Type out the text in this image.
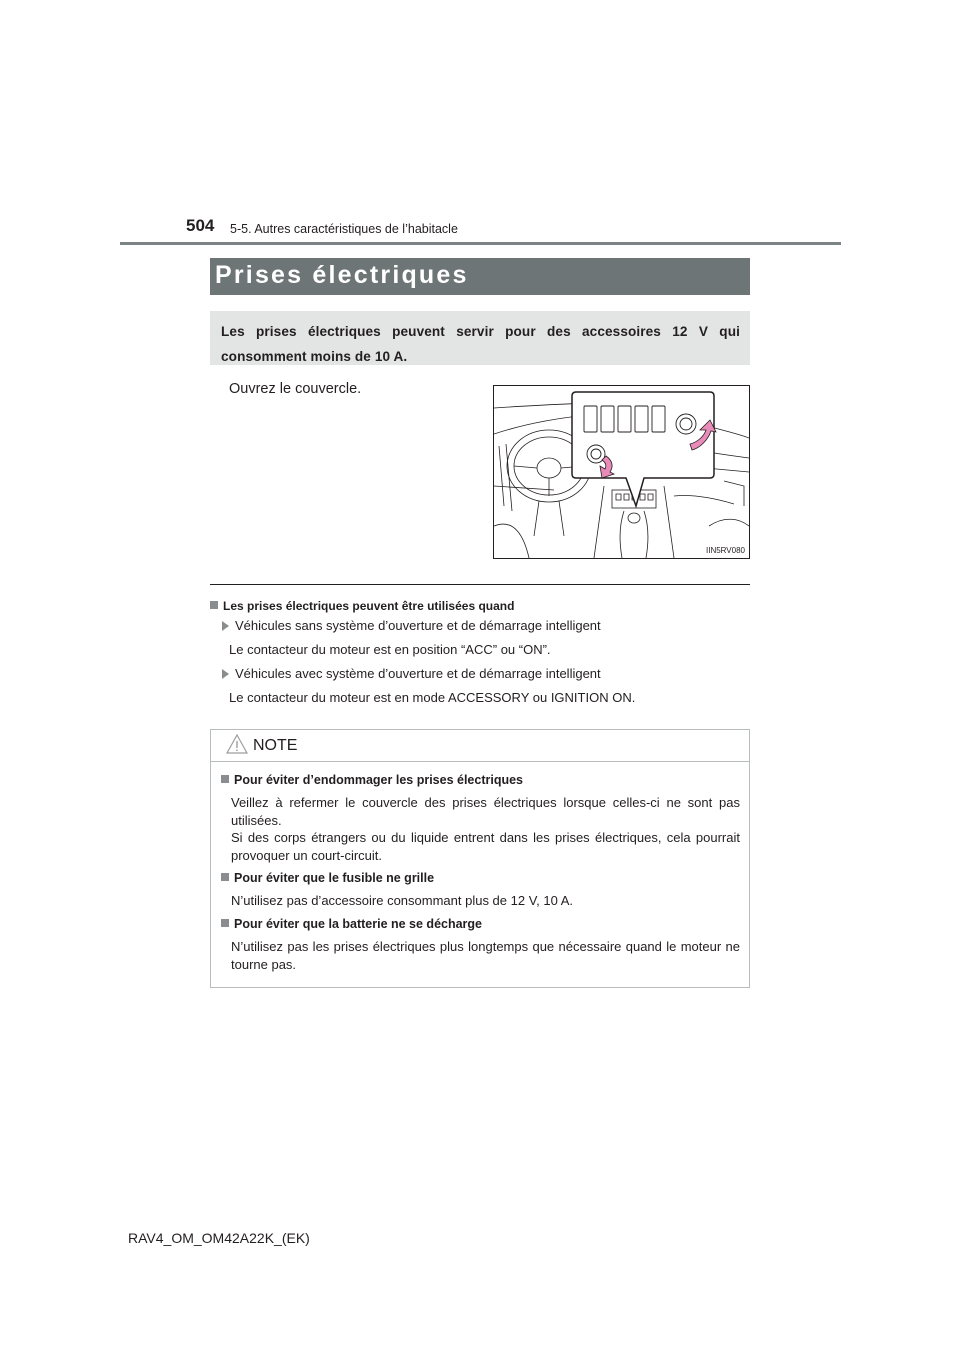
504 5-5. Autres caractéristiques de l’habitacle
Prises électriques
Les prises électriques peuvent servir pour des accessoires 12 V qui consomment moins de 10 A.
Ouvrez le couvercle.
IIN5RV080
Les prises électriques peuvent être utilisées quand
Véhicules sans système d’ouverture et de démarrage intelligent
Le contacteur du moteur est en position “ACC” ou “ON”.
Véhicules avec système d’ouverture et de démarrage intelligent
Le contacteur du moteur est en mode ACCESSORY ou IGNITION ON.
NOTE
Pour éviter d’endommager les prises électriques
Veillez à refermer le couvercle des prises électriques lorsque celles-ci ne sont pas utilisées.
Si des corps étrangers ou du liquide entrent dans les prises électriques, cela pourrait provoquer un court-circuit.
Pour éviter que le fusible ne grille
N’utilisez pas d’accessoire consommant plus de 12 V, 10 A.
Pour éviter que la batterie ne se décharge
N’utilisez pas les prises électriques plus longtemps que nécessaire quand le moteur ne tourne pas.
RAV4_OM_OM42A22K_(EK)
